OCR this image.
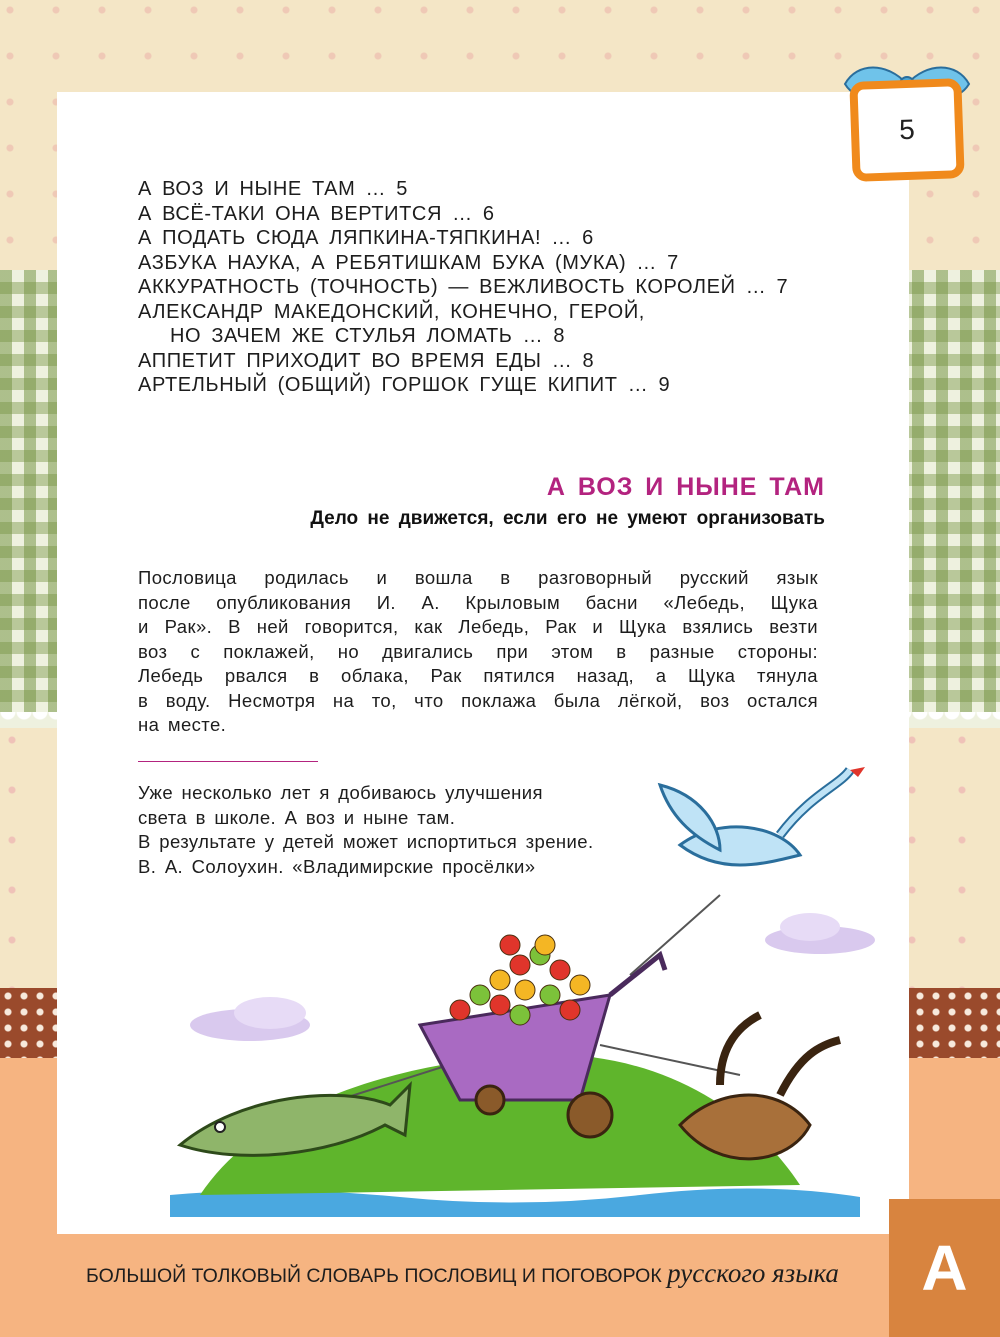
5
А ВОЗ И НЫНЕ ТАМ … 5
А ВСЁ-ТАКИ ОНА ВЕРТИТСЯ … 6
А ПОДАТЬ СЮДА ЛЯПКИНА-ТЯПКИНА! … 6
АЗБУКА НАУКА, А РЕБЯТИШКАМ БУКА (МУКА) … 7
АККУРАТНОСТЬ (ТОЧНОСТЬ) — ВЕЖЛИВОСТЬ КОРОЛЕЙ … 7
АЛЕКСАНДР МАКЕДОНСКИЙ, КОНЕЧНО, ГЕРОЙ,
НО ЗАЧЕМ ЖЕ СТУЛЬЯ ЛОМАТЬ … 8
АППЕТИТ ПРИХОДИТ ВО ВРЕМЯ ЕДЫ … 8
АРТЕЛЬНЫЙ (ОБЩИЙ) ГОРШОК ГУЩЕ КИПИТ … 9
А ВОЗ И НЫНЕ ТАМ
Дело не движется, если его не умеют организовать
Пословица родилась и вошла в разговорный русский язык
после опубликования И. А. Крыловым басни «Лебедь, Щука
и Рак». В ней говорится, как Лебедь, Рак и Щука взялись везти
воз с поклажей, но двигались при этом в разные стороны:
Лебедь рвался в облака, Рак пятился назад, а Щука тянула
в воду. Несмотря на то, что поклажа была лёгкой, воз остался
на месте.
Уже несколько лет я добиваюсь улучшения
света в школе. А воз и ныне там.
В результате у детей может испортиться зрение.
В. А. Солоухин. «Владимирские просёлки»
БОЛЬШОЙ ТОЛКОВЫЙ СЛОВАРЬ ПОСЛОВИЦ И ПОГОВОРОК русского языка	А
